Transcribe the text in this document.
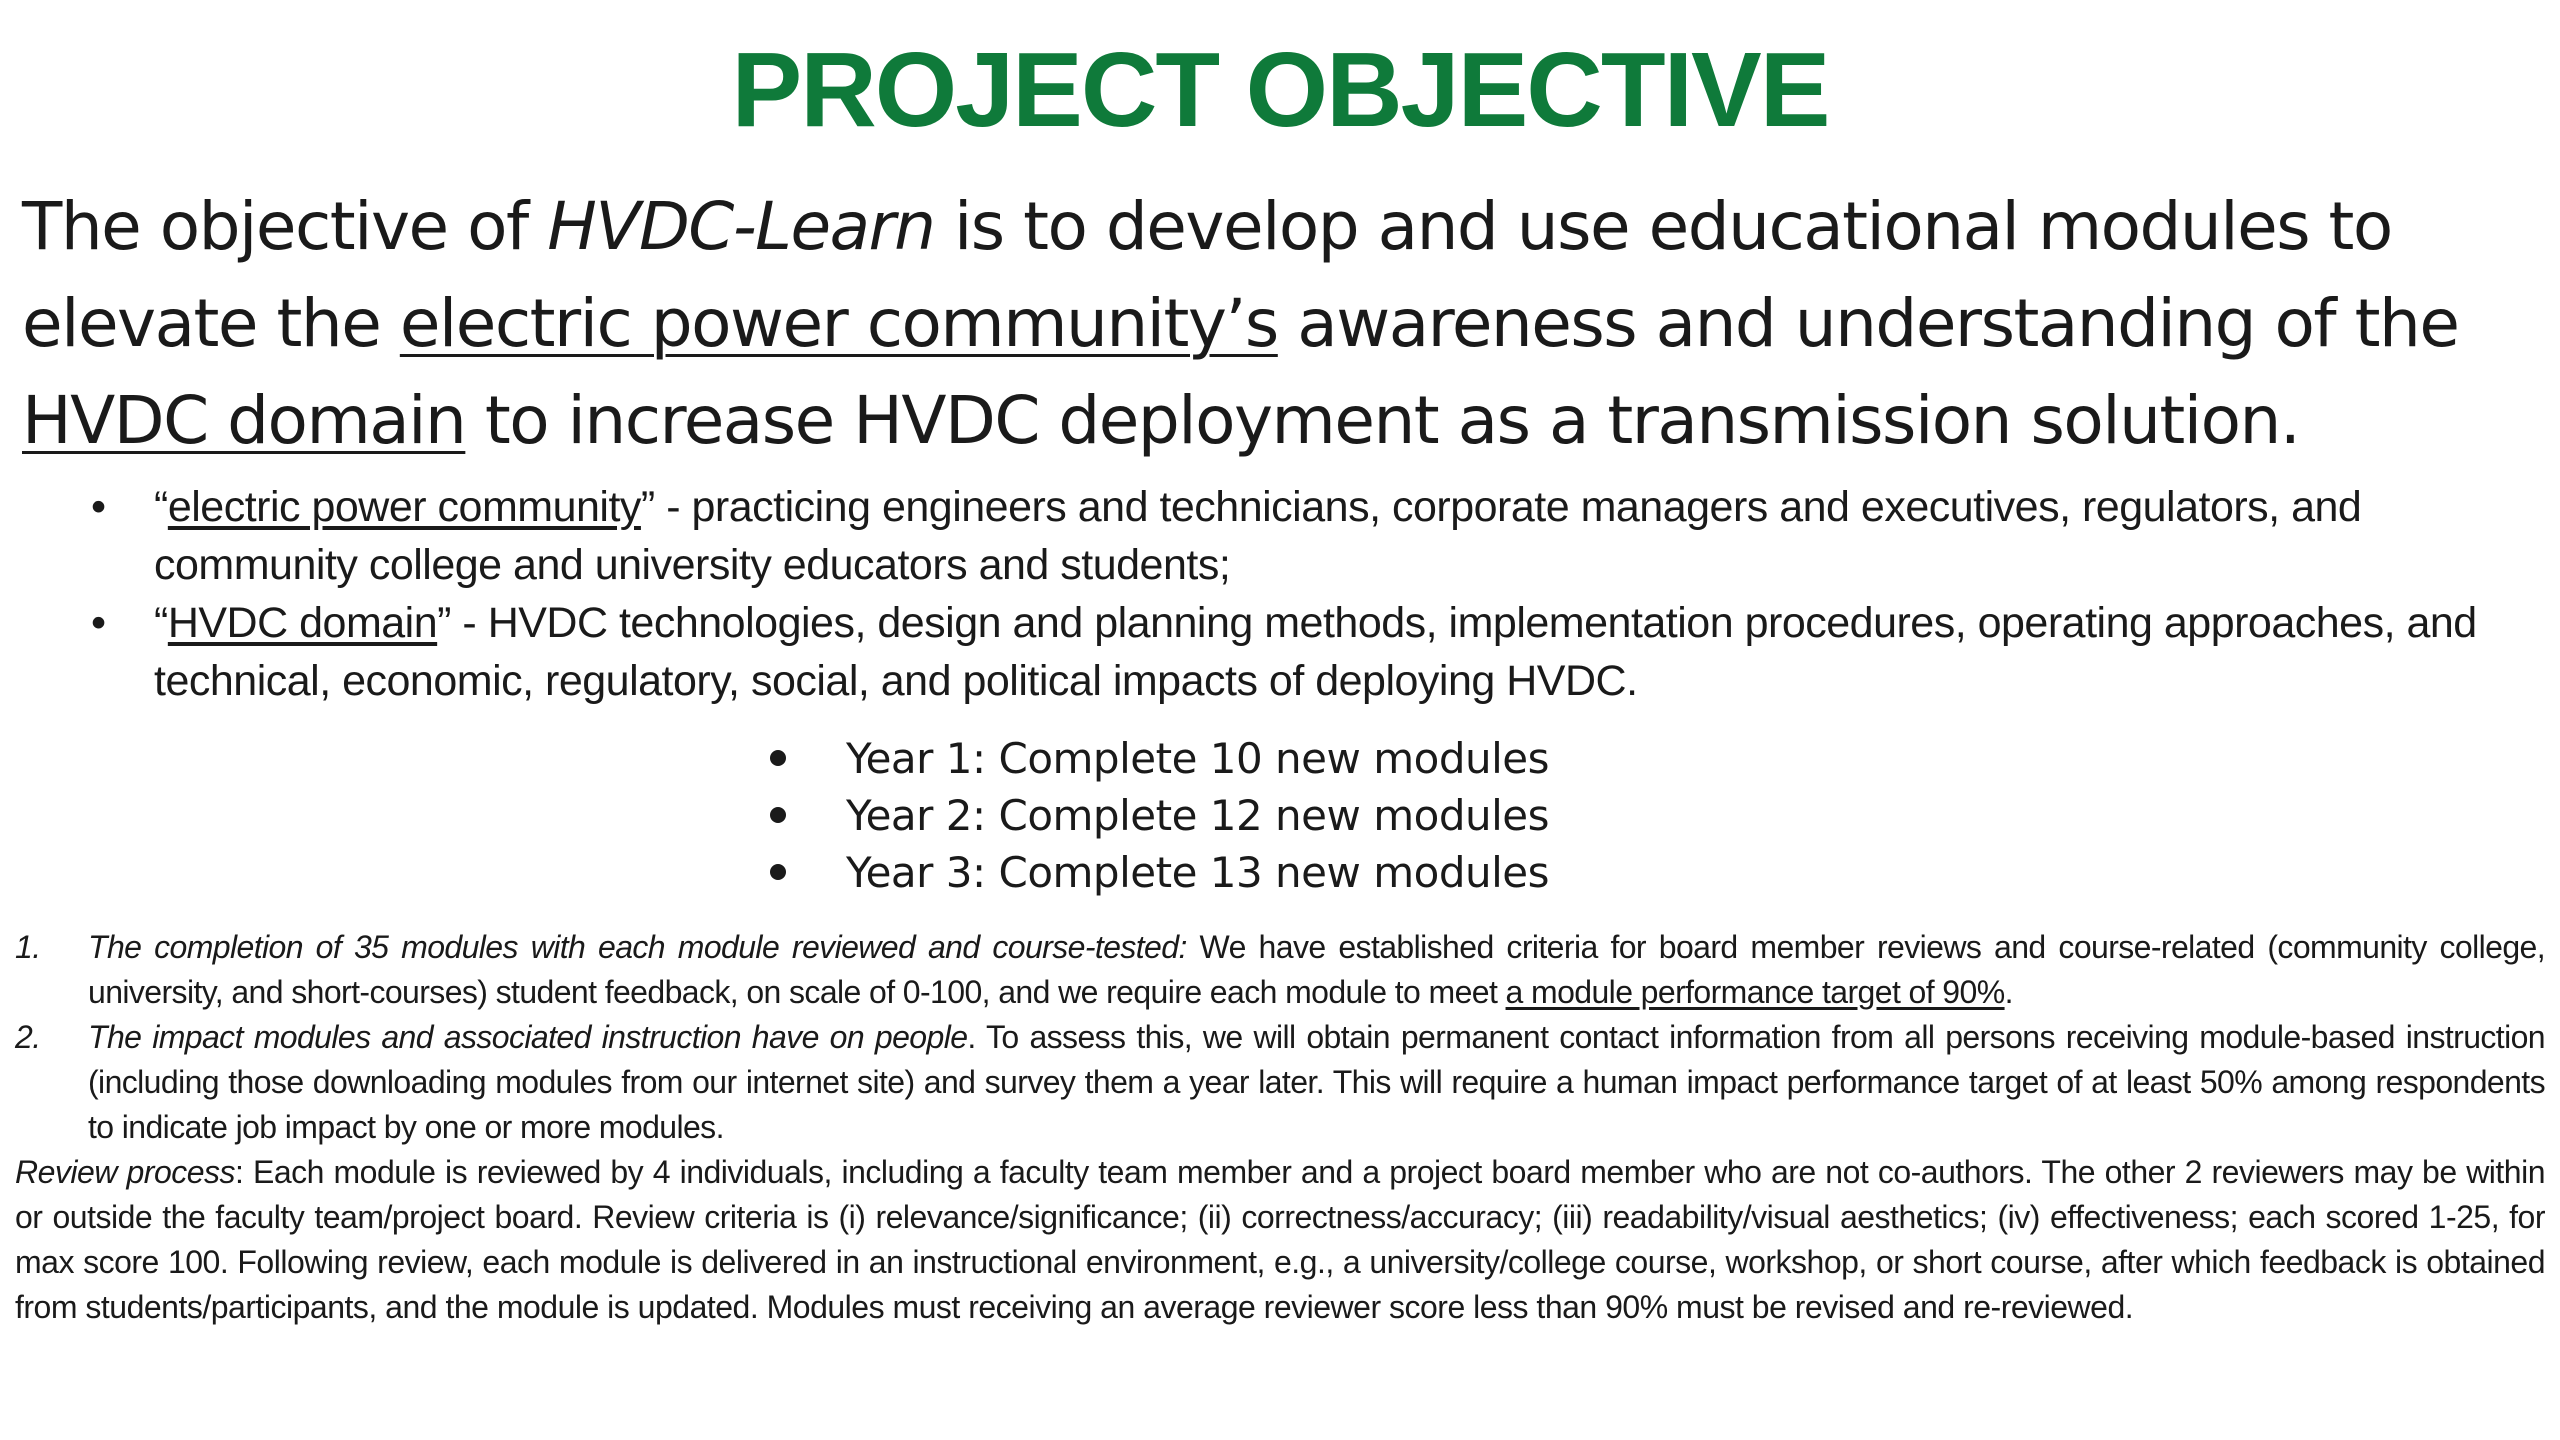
PROJECT OBJECTIVE

The objective of HVDC-Learn is to develop and use educational modules to elevate the electric power community’s awareness and understanding of the HVDC domain to increase HVDC deployment as a transmission solution.

• “electric power community” - practicing engineers and technicians, corporate managers and executives, regulators, and community college and university educators and students;
• “HVDC domain” - HVDC technologies, design and planning methods, implementation procedures, operating approaches, and technical, economic, regulatory, social, and political impacts of deploying HVDC.
Year 1: Complete 10 new modules
Year 2: Complete 12 new modules
Year 3: Complete 13 new modules
1. The completion of 35 modules with each module reviewed and course-tested: We have established criteria for board member reviews and course-related (community college, university, and short-courses) student feedback, on scale of 0-100, and we require each module to meet a module performance target of 90%.
2. The impact modules and associated instruction have on people. To assess this, we will obtain permanent contact information from all persons receiving module-based instruction (including those downloading modules from our internet site) and survey them a year later. This will require a human impact performance target of at least 50% among respondents to indicate job impact by one or more modules.

Review process: Each module is reviewed by 4 individuals, including a faculty team member and a project board member who are not co-authors. The other 2 reviewers may be within or outside the faculty team/project board. Review criteria is (i) relevance/significance; (ii) correctness/accuracy; (iii) readability/visual aesthetics; (iv) effectiveness; each scored 1-25, for max score 100. Following review, each module is delivered in an instructional environment, e.g., a university/college course, workshop, or short course, after which feedback is obtained from students/participants, and the module is updated. Modules must receiving an average reviewer score less than 90% must be revised and re-reviewed.
